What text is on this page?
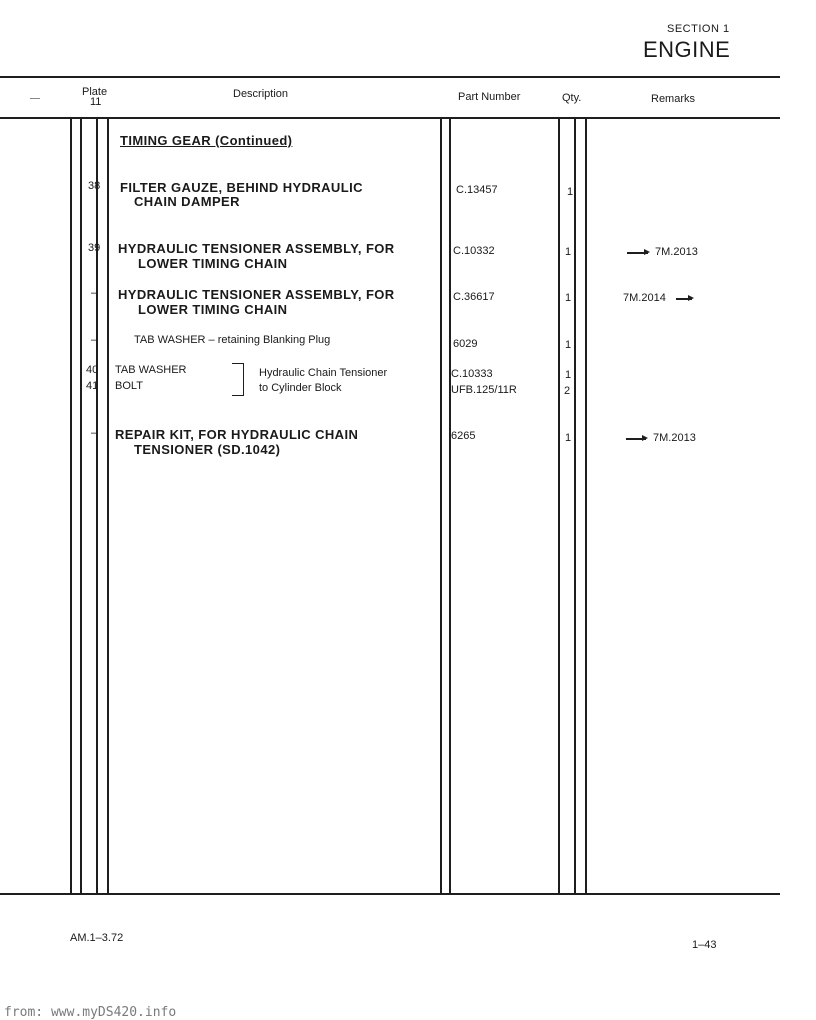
SECTION 1
ENGINE
Plate
11
Description	Part Number	Qty.	Remarks
TIMING GEAR (Continued)
38 FILTER GAUZE, BEHIND HYDRAULIC
CHAIN DAMPER
C.13457	1
39 HYDRAULIC TENSIONER ASSEMBLY, FOR
LOWER TIMING CHAIN
C.10332	1	7M.2013
– HYDRAULIC TENSIONER ASSEMBLY, FOR
LOWER TIMING CHAIN
C.36617	1	7M.2014
–	TAB WASHER – retaining Blanking Plug	6029	1
40 TAB WASHER	C.10333	1
41 BOLT	UFB.125/11R	2
Hydraulic Chain Tensioner
to Cylinder Block
– REPAIR KIT, FOR HYDRAULIC CHAIN
TENSIONER (SD.1042)
6265	1	7M.2013
AM.1–3.72
1–43
from: www.myDS420.info
